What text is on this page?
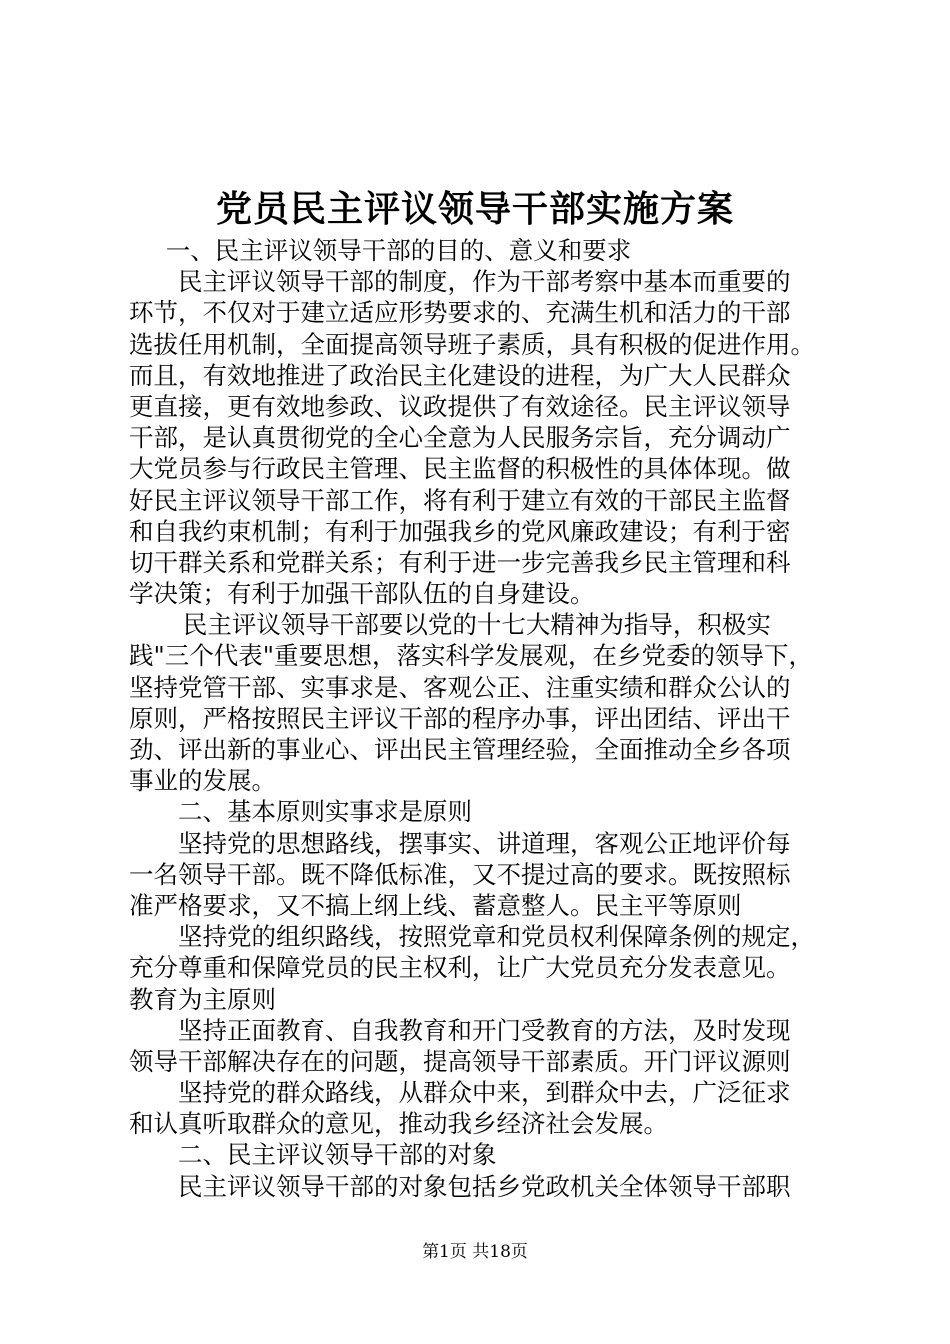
党员民主评议领导干部实施方案
一、民主评议领导干部的目的、意义和要求
民主评议领导干部的制度，作为干部考察中基本而重要的
环节，不仅对于建立适应形势要求的、充满生机和活力的干部
选拔任用机制，全面提高领导班子素质，具有积极的促进作用。
而且，有效地推进了政治民主化建设的进程，为广大人民群众
更直接，更有效地参政、议政提供了有效途径。民主评议领导
干部，是认真贯彻党的全心全意为人民服务宗旨，充分调动广
大党员参与行政民主管理、民主监督的积极性的具体体现。做
好民主评议领导干部工作，将有利于建立有效的干部民主监督
和自我约束机制；有利于加强我乡的党风廉政建设；有利于密
切干群关系和党群关系；有利于进一步完善我乡民主管理和科
学决策；有利于加强干部队伍的自身建设。
民主评议领导干部要以党的十七大精神为指导，积极实
践"三个代表"重要思想，落实科学发展观，在乡党委的领导下，
坚持党管干部、实事求是、客观公正、注重实绩和群众公认的
原则，严格按照民主评议干部的程序办事，评出团结、评出干
劲、评出新的事业心、评出民主管理经验，全面推动全乡各项
事业的发展。
二、基本原则实事求是原则
坚持党的思想路线，摆事实、讲道理，客观公正地评价每
一名领导干部。既不降低标准，又不提过高的要求。既按照标
准严格要求，又不搞上纲上线、蓄意整人。民主平等原则
坚持党的组织路线，按照党章和党员权利保障条例的规定，
充分尊重和保障党员的民主权利，让广大党员充分发表意见。
教育为主原则
坚持正面教育、自我教育和开门受教育的方法，及时发现
领导干部解决存在的问题，提高领导干部素质。开门评议源则
坚持党的群众路线，从群众中来，到群众中去，广泛征求
和认真听取群众的意见，推动我乡经济社会发展。
二、民主评议领导干部的对象
民主评议领导干部的对象包括乡党政机关全体领导干部职
第1页 共18页
